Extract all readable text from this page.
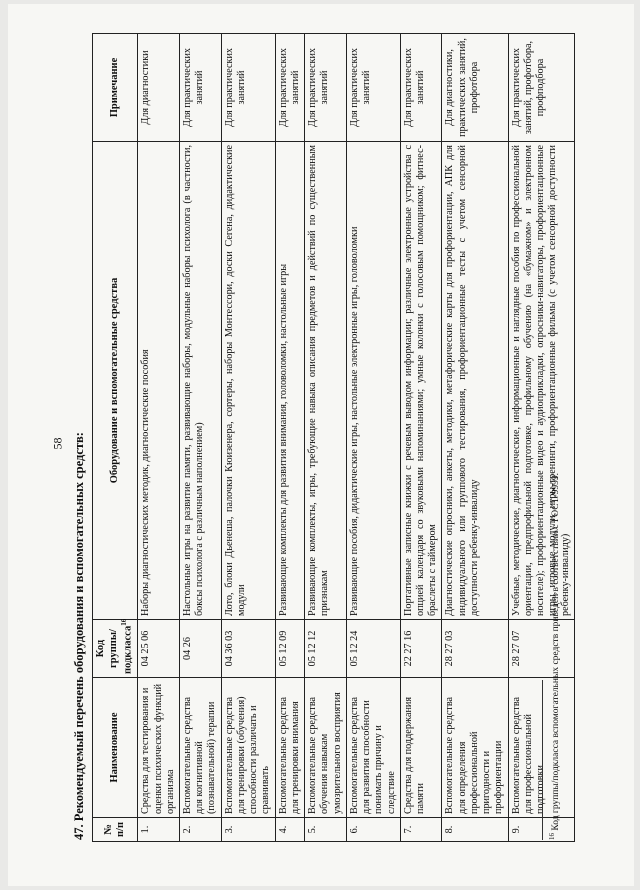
58 47. Рекомендуемый перечень оборудования и вспомогательных средств: № п/п	Наименование	Код группы/ подкласса$^{16}$	Оборудование и вспомогательные средства	Примечание
1.	Средства для тестирования и оценки психических функций организма	04 25 06	Наборы диагностических методик, диагностические пособия	Для диагностики
2.	Вспомогательные средства для когнитивной (познавательной) терапии	04 26	Настольные игры на развитие памяти, развивающие наборы, модульные наборы психолога (в частности, боксы психолога с различным наполнением)	Для практических занятий
3.	Вспомогательные средства для тренировки (обучения) способности различать и сравнивать	04 36 03	Лото, блоки Дьенеша, палочки Кюизенера, сортеры, наборы Монтессори, доски Сегена, дидактические модули	Для практических занятий
4.	Вспомогательные средства для тренировки внимания	05 12 09	Развивающие комплекты для развития внимания, головоломки, настольные игры	Для практических занятий
5.	Вспомогательные средства обучения навыкам умозрительного восприятия	05 12 12	Развивающие комплекты, игры, требующие навыка описания предметов и действий по существенным признакам	Для практических занятий
6.	Вспомогательные средства для развития способности понимать причину и следствие	05 12 24	Развивающие пособия, дидактические игры, настольные электронные игры, головоломки	Для практических занятий
7.	Средства для поддержания памяти	22 27 16	Портативные записные книжки с речевым выводом информации; различные электронные устройства с опцией календаря со звуковыми напоминаниями; умные колонки с голосовым помощником; фитнес-браслеты с таймером	Для практических занятий
8.	Вспомогательные средства для определения профессиональной пригодности и профориентации	28 27 03	Диагностические опросники, анкеты, методики, метафорические карты для профориентации, АПК для индивидуального или группового тестирования, профориентационные тесты с учетом сенсорной доступности ребенку-инвалиду	Для диагностики, практических занятий, профотбора
9.	Вспомогательные средства для профессиональной подготовки	28 27 07	Учебные, методические, диагностические, информационные и наглядные пособия по профессиональной ориентации, предпрофильной подготовке, профильному обучению (на «бумажном» и электронном носителе); профориентационные видео и аудиоприкладки, опросники-навигаторы, профориентационные игры, игровые модули, игры-тренинги, профориентационные фильмы (с учетом сенсорной доступности ребенку-инвалиду)	Для практических занятий, профотбора, профподбора
$^{16}$ Код группы/подкласса вспомогательных средств приведен в соответствии с ГОСТ-9999.
